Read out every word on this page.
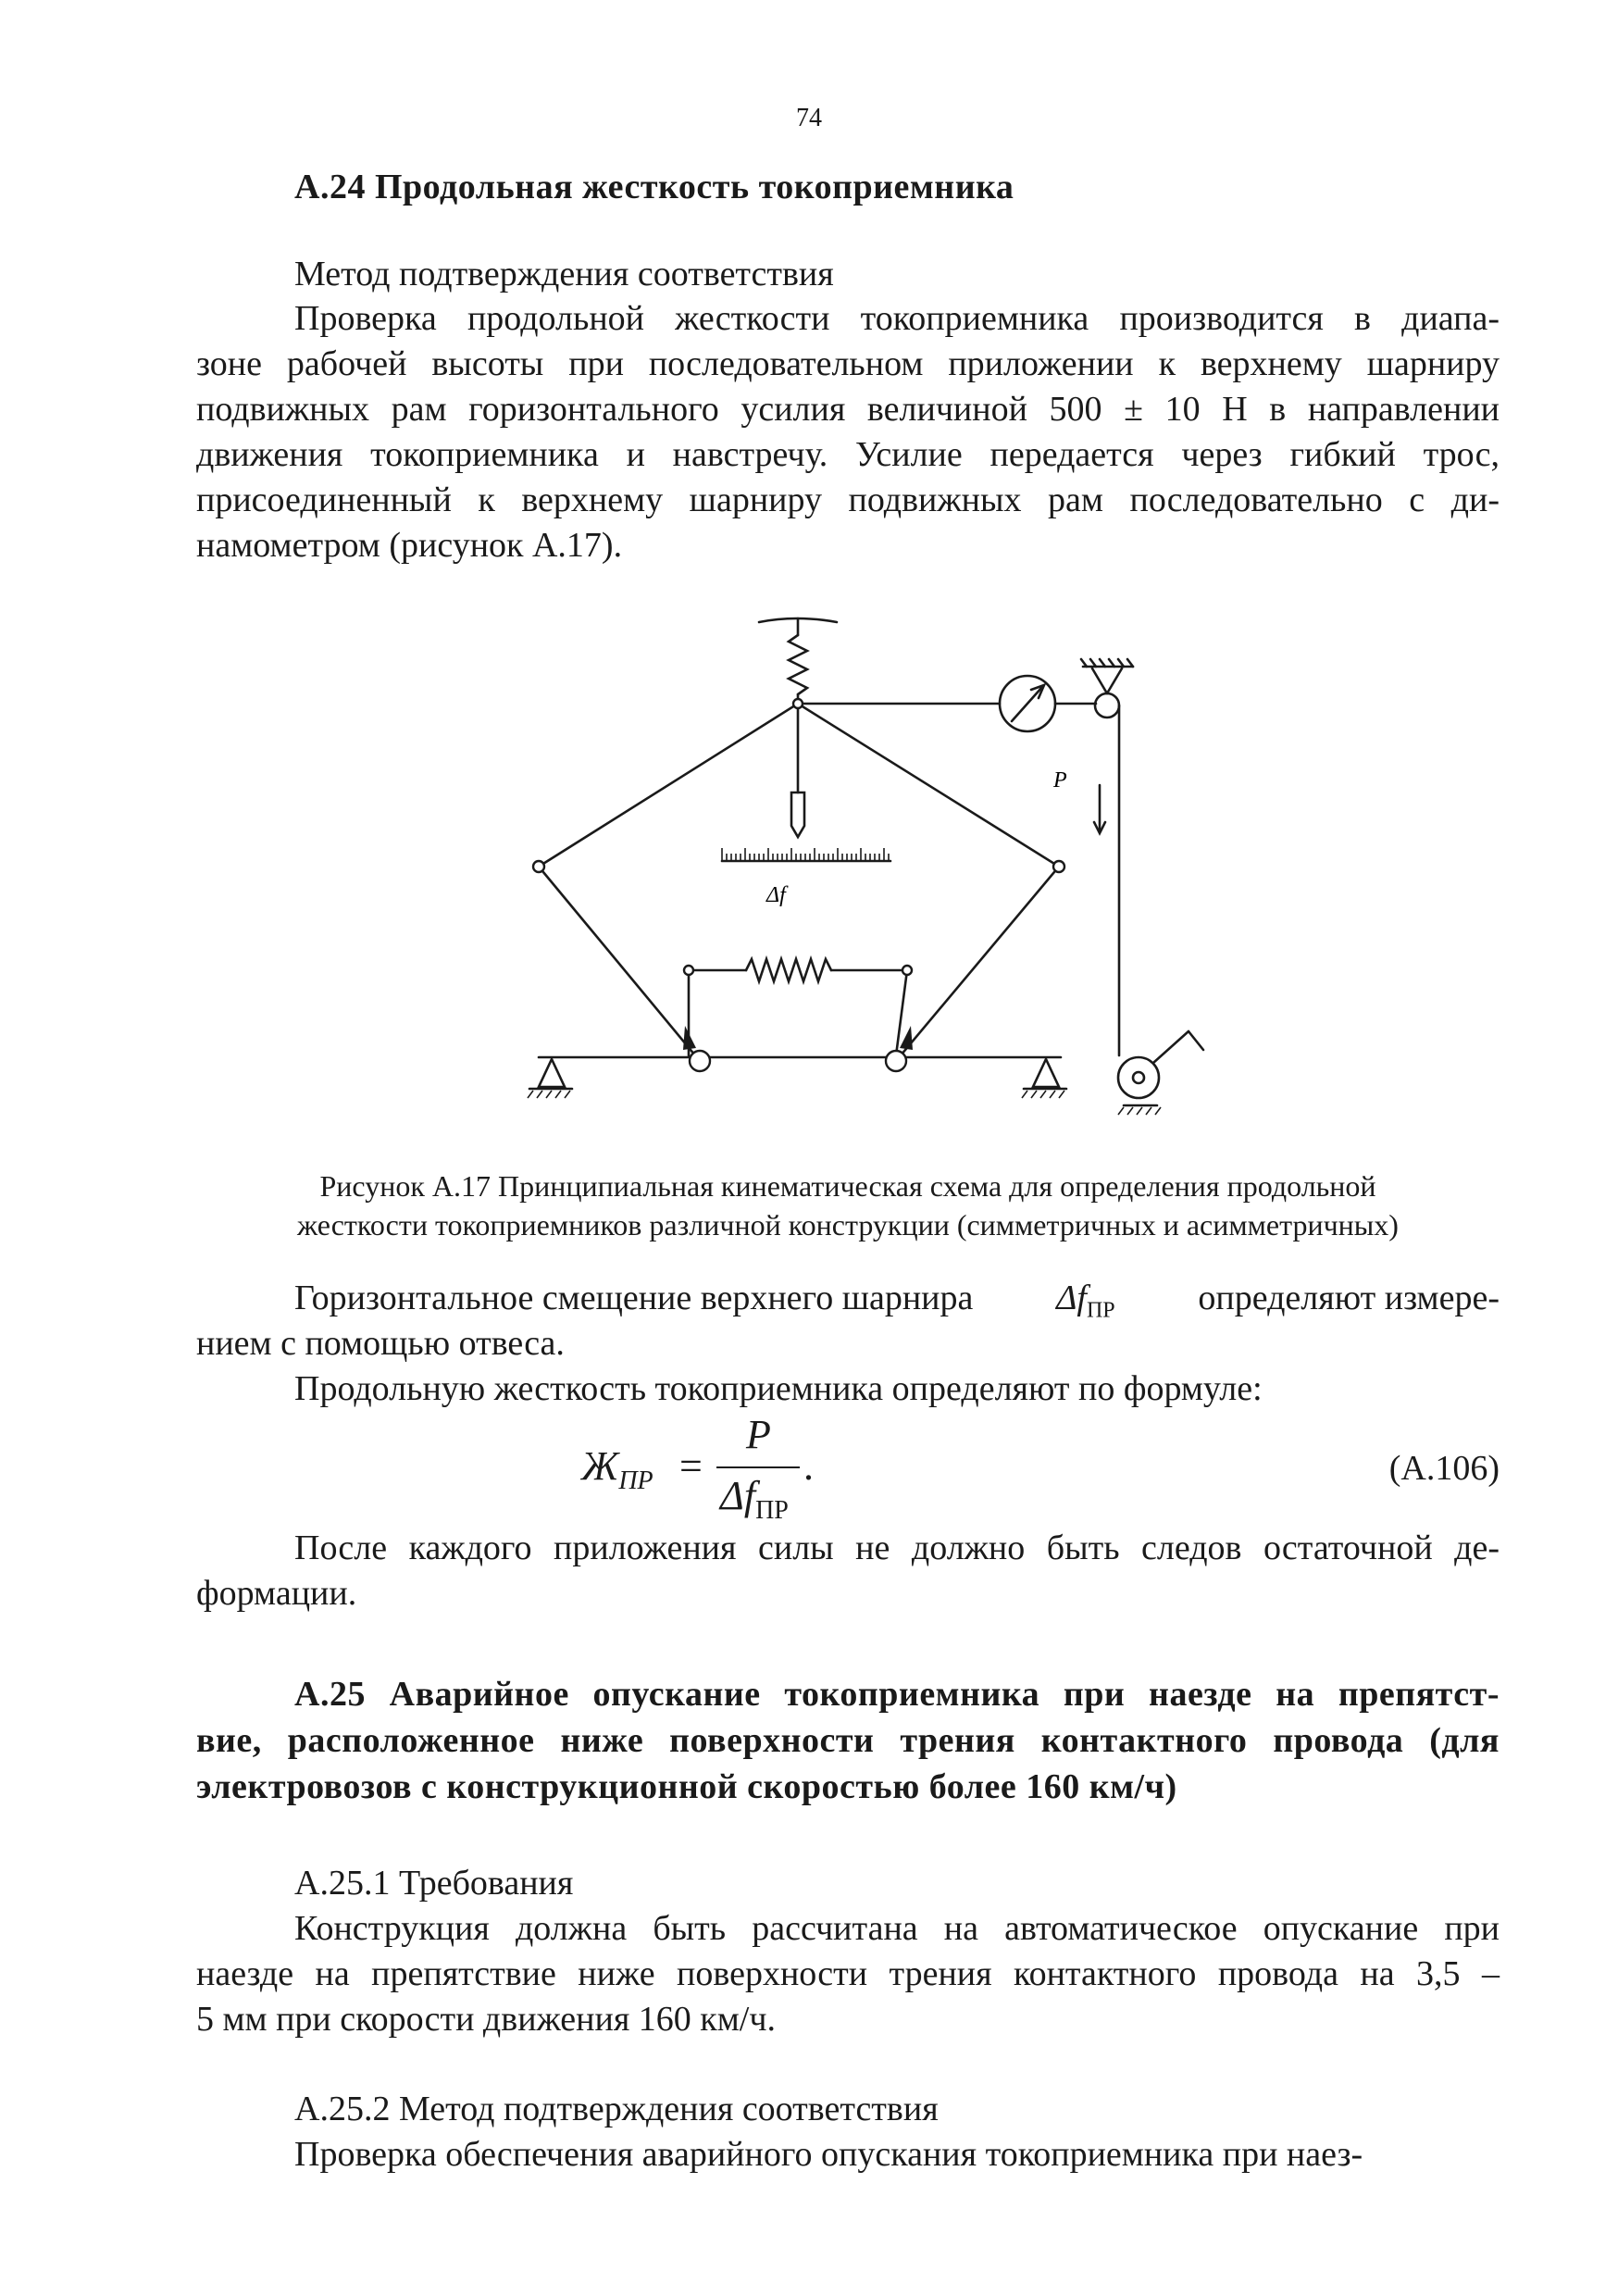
74
А.24 Продольная жесткость токоприемника
Метод подтверждения соответствия
Проверка продольной жесткости токоприемника производится в диапа-
зоне рабочей высоты при последовательном приложении к верхнему шарниру
подвижных рам горизонтального усилия величиной 500 ± 10 Н в направлении
движения токоприемника и навстречу. Усилие передается через гибкий трос,
присоединенный к верхнему шарниру подвижных рам последовательно с ди-
намометром (рисунок А.17).
P
Δf
Рисунок А.17 Принципиальная кинематическая схема для определения продольной
жесткости токоприемников различной конструкции (симметричных и асимметричных)
Горизонтальное смещение верхнего шарнира $\Delta f_{ПР}$ определяют измере-
нием с помощью отвеса.
Продольную жесткость токоприемника определяют по формуле:
$Ж_{ПР}$ =
P
$\Delta f_{ПР}$
.	(А.106)
После каждого приложения силы не должно быть следов остаточной де-
формации.
А.25 Аварийное опускание токоприемника при наезде на препятст-
вие, расположенное ниже поверхности трения контактного провода (для
электровозов с конструкционной скоростью более 160 км/ч)
А.25.1 Требования
Конструкция должна быть рассчитана на автоматическое опускание при
наезде на препятствие ниже поверхности трения контактного провода на 3,5 –
5 мм при скорости движения 160 км/ч.
А.25.2 Метод подтверждения соответствия
Проверка обеспечения аварийного опускания токоприемника при наез-
